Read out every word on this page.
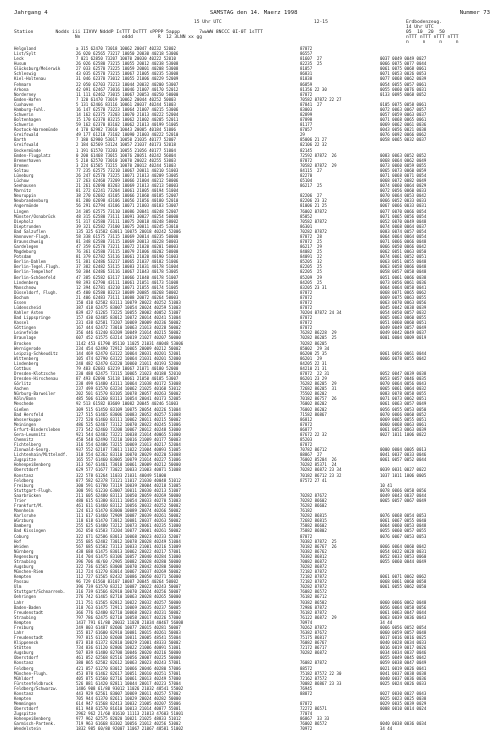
Jahrgang 4	SAMSTAG den 14. Maerz 1998	Nummer 73
15 Uhr UTC	12-15	Erdbodenzeug.
14 Uhr UTC
05  10  20  50
Station        Nodds iii IIVVV NdddP IsTTT DsTTT sPPPP 5appp       7wwWW 8NCCC 0I-0T 1sTTT
nTTT nTTT nTTT nTTT
Nn               oddd         R  12 3LNN xx gg
n     n     n     n
Helgoland	a 315 62470 73018 10062 20047 40232 52002	87872
List/Sylt	26 020 62565 73217 10050 20030 40218 53006	86557
Leck	7 021 62850 73207 10070 20030 40222 52010	81607  27	0037 0049 0049 0027
Husum	26 026 62580 73215 10055 20012 40238 53008	82235  25	0066 0075 0077 0044
Glücksburg/Meierwik	27 033 62570 73225 10059 20001 40208 53008	81857	0061 0075 0068 0061
Schleswig	43 035 62570 73215 10067 21005 40235 53008	86831	0071 0053 0026 0053
Kiel-Holtenau	31 046 62370 73012 10055 21006 40229 52009	81838	0077 0068 0062 0039
Fehmarn	22 050 62703 73213 10044 20032 40200 53007	86859	0054 0055 0057 0061
Arkona	42 091 62467 73016 10046 21007 40170 52012	81356 22 30	0055 0060 0076 0031
Norderney	11 111 62462 73015 10067 20053 40250 50000	87872	0133 0095 0068 0052
Emden-Hafen	7 120 61470 73019 10062 20044 40252 50003	70582 87872 22 27
Cuxhaven	5 131 62466 83116 10061 20037 40244 51003	87841  27	0105 0075 0058 0061
Hamburg-Fuhl.	16 147 62570 73223 10064 21007 40215 53006	83003	0072 0063 0067 0057
Schwerin	14 162 62375 73203 10070 21013 40222 52004	82899	0057 0059 0063 0037
Boltenhagen	15 170 62370 83215 10062 21002 40205 52011	87898	0071 0068 0065 0061
Schwerin	59 162 62370 83102 10062 21013 40199 51005	81177	0069 0062 0061 0036
Rostock-Warnemünde	4 170 62982 73010 10043 20005 40184 51006	87057	0043 0056 0021 0038
Greifswald	49 177 61210 73102 10090 21003 40222 52010	29	0076 0092 0066 0062
Barth	7 180 62980 53017 10050 21035 40177 52007	85006 21 27	0058 0065 0032 0037
Greifswald	2 184 62569 53124 10057 21037 40173 52018	82106 22 32
Ueckermünde	1 191 61570 73203 10055 21056 40177 51004	82145
Emden-Flugplatz	0 200 61468 73015 10076 20051 40242 56004	72592 87872  26	0083 0063 0052 0052
Bremerhaven	5 210 62570 73010 10070 20022 40255 53003	87872	0068 0064 0062 0049
Bremen	3 224 61565 73215 10070 20012 40244 51003	70582 87872  29	0073 0060 0059 0055
Soltau	77 235 62575 73210 10067 20011 40210 51003	84115  27	0065 0073 0060 0059
Lüneburg	26 247 62570 73225 10071 21013 40209 53005	82270	0071 0068 0071 0054
Lüchow	17 263 62460 73209 10066 21004 40212 50006	65104	0068 0072 0082 0049
Seehausen	21 261 62690 83203 10069 21013 40213 50003	86217  25	0074 0060 0064 0029
Marnitz	81 272 62241 73204 10061 21005 40194 51004	0072 0056 0060 0033
Neuruppin	38 270 62682 43105 10066 21060 40185 52007	82206  27	0070 0064 0053 0042
Neubrandenburg	81 280 62698 43106 10056 21056 40180 52010	82206 23 32	0066 0052 0033 0033
Angermünde	56 291 62794 43106 10071 21003 40183 53007	81006 21 25	0067 0066 0033 0031
Lingen	24 305 62575 73110 10086 20041 40248 52007	76002 87872	0077 0070 0066 0054
Münster/Osnabrück	48 315 62580 73111 10091 30027 40254 50000	85852	0071 0065 0056 0054
Diepholz	51 317 62580 73111 10075 20018 40248 58002	70582 87872	0052 0070 0049 0048
Dieptrunden	39 321 62582 73100 10075 20011 40245 53010	86301	0074 0068 0064 0037
Bad Salzuflen	135 325 61582 63011 10075 20018 40242 52006	70282 87872	0083 0074 0057 0054
Hannover-Flugh.	58 338 61575 73115 10069 20014 40235 50000	87872  28	0064 0064 0064 0054
Braunschweig	81 348 62580 73115 10069 20013 40228 50003	87872  25	0071 0066 0066 0048
Gardelegen	47 359 62570 73211 10072 21020 40201 50003	86217  29	0066 0050 0066 0042
Magdeburg	76 361 62580 73115 10079 21006 40202 50000	84082  25	0062 0051 0063 0050
Potsdam	81 379 62782 53116 10061 21020 40190 51003	84091  22	0074 0061 0052 0051
Berlin-Dahlem	51 381 62486 53217 10065 21037 40182 51006	85205  32	0063 0051 0055 0048
Berlin-Tegel.Flugh.	37 382 62482 53115 10083 21031 40178 51004	82205  25	0063 0058 0066 0048
Berlin-Tempelhof	50 384 62486 53116 10067 21043 40178 53005	82205  25	0058 0057 0058 0048
Berlin-Schönefeld	47 385 62582 63117 10066 21040 40178 51007	85209  29	0051 0061 0066 0038
Lindenberg	98 393 62790 43111 10061 21051 40173 51008	84205  25	0073 0056 0061 0036
Manschnow	12 394 62781 43210 10071 21055 40174 51005	83205 23 31	0064 0064 0058 0041
Düsseldorf, Flugh.	45 400 62580 83213 10089 20085 40268 50002	87872	0068 0071 0065 0062
Bochum	21 406 62483 73111 10088 20072 40264 50003	87872	0069 0075 0063 0055
Essen	150 410 62582 83111 10079 20022 40252 51003	87872	0063 0070 0063 0056
Lüdenscheid	387 418 62475 83007 10054 20024 40259 51003	87872	0045 0042 0038 0039
Kahler Asten	839 427 61265 73225 10055 20002 40052 51007	70204 87872 24 34	0054 0050 0057 0032
Bad Lippspringe	157 430 62485 83012 10072 20014 40241 51004	87872	0065 0063 0060 0055
Kassel	231 438 62581 73207 10069 20009 40236 50002	87872	0051 0060 0060 0051
Göttingen	167 444 62472 73010 10063 21013 40228 50002	87872	0049 0049 0057 0049
Leinefelde	356 446 61240 83209 10049 21014 40215 50002	76282 86228  29	0049 0042 0049 0037
Braunlage	607 452 61575 63214 10019 21027 40207 50000	70282 86205  25	0001 0004 0009 0019
Brocken	1142 453 61790 85110 11025 21031 40048 53006	70282 86205
Wernigerode	234 454 62490 72912 10065 20009 40212 50002	85002  29 34
Leipzig-Schkeuditz	144 469 62470 63122 10064 20031 40201 52001	86200 25 35	0061 0056 0061 0044
Wittenberg	105 474 62790 63122 10064 21031 40201 52000	86201  29	0066 0078 0055 0042
Lindenberg	248 482 62470 63220 10060 21011 40193 52000	84205 22 31
Cottbus	79 483 62683 63219 10067 21071 40180 52000	84210 21 31
Dresden-Klotzsche	230 488 62475 73115 10065 21023 40188 52010	87872  22 31	0052 0047 0039 0038
Dresden-Hirschenau	87 493 62690 53118 10061 21050 40185 53007	86201 23 29	0053 0057 0046 0035
Görlitz	238 499 61480 43111 10064 21038 40172 53008	76282 86205  29	0070 0064 0056 0043
Aachen	237 499 61570 63234 10062 21025 40168 53012	72682 86205  31	0065 0061 0064 0032
Nürburg-Barweiler	202 501 61570 83105 10078 20057 40263 50002	75502 86202	0083 0078 0058 0055
Köln/Bonn	485 506 61260 83113 10054 20041 40173 52005	70182 86757  26	0071 0073 0062 0051
Meschede	92 513 61582 83609 10082 20045 40246 51003	76002 86202	0061 0063 0057 0049
Gießen	309 515 61450 83109 10075 20054 40226 51004	76002 86202	0056 0055 0053 0050
Bad Hersfeld	127 515 61465 83006 10083 20052 40257 51008	71582 86867	0070 0066 0060 0052
Wasserkuppe	272 520 61460 83111 10062 20011 40215 50002	86812	0069 0065 0055 0051
Meiningen	486 525 62467 73112 10070 20022 40245 51006	87872	0060 0068 0063 0061
Erfurt-Bindersleben	273 542 62460 73208 10067 20012 40248 53000	86877	0061 0053 0063 0039
Gera-Leumnitz	921 544 62482 73221 10038 21014 40065 51000	87672 22 32	0027 1011 1006 0022
Chemnitz	450 548 62490 73210 10016 21009 40177 50003	85203
Fichtelberg	316 554 62486 73215 10069 21013 40217 52004	87872
Zinnwald-Georg.	937 552 62187 73011 11022 21004 40093 51005	70782 86712	0000 0004 0005 0013
Lichtenhain/Mittelndf.	310 554 62362 83110 10070 20029 40220 53008	88867  27	0041 0037 0033 0046
Zugspitze	165 557 61460 83005 10079 21014 40227 51006	76002 85204  26	0061 0057 0052 0044
Hohenpeißenberg	313 567 61461 73018 10061 20009 40212 50000	70282 85371  24
Oberstdorf	629 577 61677 73022 10033 21003 40071 51008	70282 86872 23 34	0039 0031 0027 0022
Konstanz	322 578 61264 11033 21031 40049 51000	70182 86712 23 32	1037 1011 1006 0005
Feldberg	877 582 62378 73121 11017 21030 40048 51012	87572 27 41
Freiburg	300 591 61780 73119 10039 20004 40218 51005	10 41
Stuttgart-Flugh.	300 591 61230 63007 10011 20030 40213 51007	0078 0066 0058 0056
Saarbrücken	211 605 62480 83113 10050 20059 40269 50000	70282 87672	0049 0043 0037 0044
Trier	480 615 61380 83111 10054 20033 40270 51003	70282 86602	0065 0057 0067 0049
Frankfurt/M.	461 611 61460 83112 10056 20032 40252 50002	76282 86602
Mannheim	124 613 61470 83000 10089 20074 40266 50002	76182
Karlsruhe	111 617 61460 72909 10087 20039 40261 50002	70282 86815	0076 0068 0054 0053
Würzburg	118 618 61470 73012 10081 20037 40263 50002	72682 86815	0061 0067 0055 0040
Bamberg	255 625 61480 73212 10073 20061 40235 51000	75882 86602	0064 0060 0053 0048
Bad Kissingen	262 650 61583 73204 10077 20001 40261 50002	75882 86802	0055 0060 0057 0055
Coburg	322 671 62586 83013 10068 20023 40233 52007	87872	0076 0067 0053 0053
Hof	255 685 62482 73012 10078 20028 40249 51004	70382 87872  25
Weiden	567 685 61582 73113 10033 21001 40216 51009	70182 86767  26	0066 0064 0060 0042
Nürnberg	438 688 61475 83013 10062 20022 40217 57001	70382 86762	0054 0022 0028 0031
Regensburg	314 704 61475 83106 10057 20040 40284 51000	70382 86812	0052 0033 0053 0060
Straubing	396 706 46/60 /2905 10082 20028 40280 50000	70082 86872	0055 0060 0044 0049
Augsburg	322 736 61565 83008 10070 20042 40280 50000	70282 86872
München-Riem	312 724 61270 83014 10067 20037 40269 50002	72182 87872
Kempten	112 727 61565 82432 10086 20050 40271 56000	72182 87872	0061 0071 0062 0062
Passau	96 729 61560 83107 10087 20045 40264 50002	72182 87872	0068 0061 0060 0058
Ulm	396 739 61570 83212 10087 20022 40243 50007	70282 87872	0061 0055 0062 0050
Stuttgart/Schnarrenb.	316 739 61566 82910 10070 20024 40256 50007	76082 86572
Oehringen	276 742 61465 82710 10063 20028 40265 50000	76182 86712
Lahr	211 751 61565 82812 10022 20032 40257 50000	70382 86582	0060 0066 0062 0048
Baden-Baden	318 763 61475 72911 10069 20035 40237 50005	72986 87872	0056 0064 0058 0056
Freudenstadt	366 776 62480 82710 10068 20023 40231 50002	76182 87872	0061 0063 0047 0044
Straubing	797 786 62475 82710 10058 20017 40226 57000	76122 86872  29	0063 0039 0036 0043
Kempten	1437 791 61/80 20032 11028 21034 40467 56008	70974	34 44
Freiburg	249 803 61487 82606 10077 20015 40281 50007	70262 87872	0066 0056 0052 0054
Lahr	155 817 61600 82910 10081 20015 40261 50003	76382 87672	0060 0059 0057 0048
Freudenstadt	797 815 61120 82608 10011 20005 48541 55004	75175 86817	0017 0016 0016 0025
Klippeneck	873 818 61372 82810 10029 21001 48333 50002	76082 86767	0040 0028 0034 0033
Stötten	734 836 61120 82806 10022 21006 40091 51001	72172 86717	0016 0019 0017 0026
Augsburg	507 839 61480 82708 10046 20020 40216 50000	70282 86872	0034 0034 0037 0046
Oberstdorf	461 852 62568 82516 10056 20007 40225 50000	0055 0049 0045 0042
Konstanz	380 865 62582 82612 10063 20023 40243 57001	76082 87872	0059 0038 0047 0049
Feldberg	421 857 61270 83012 10066 20046 40280 57006	88572	0021 0019 0026 0041
München-Flugh.	453 870 61462 82617 10051 20010 40251 57001	75182 87572 22 30	0041 0037 0038 0038
Mühldorf	405 875 61560 82716 10061 20013 40249 57000	72162 87572	0040 0037 0036 0036
Fürstenfeldbruck	526 881 61420 82811 10044 20017 40223 57004	70082 86867 23 33	0025 0024 0026 0033
Feldberg/Schwarzw.	1486 908 61/80 93012 11026 21032 48541 55002	76945
Konstanz	443 929 62561 83007 10069 20011 40257 57002	88872	0027 0030 0027 0043
Kempten	705 944 61370 82611 10029 20024 40282 50000	0025 0023 0025 0038
Memmingen	614 947 61568 82413 10032 21005 40207 55006	87872	0029 0035 0039 0029
Oberstdorf	811 948 61570 81610 10013 21014 40077 55001	72272 86571	0008 0010 0014 0024
Zugspitze	2962 962 21/60 81610 11113 21013 47603 51001	77074
Hohenpeißenberg	977 962 62575 82020 10021 21025 48833 51012	86867  33 33
Garmisch-Partenk.	719 963 61668 83302 10056 21012 40256 53002	76002 86572	0040 0038 0036 0034
Wendelstein	1832 985 60/80 92007 11067 21067 48581 51002	70972	34 44
